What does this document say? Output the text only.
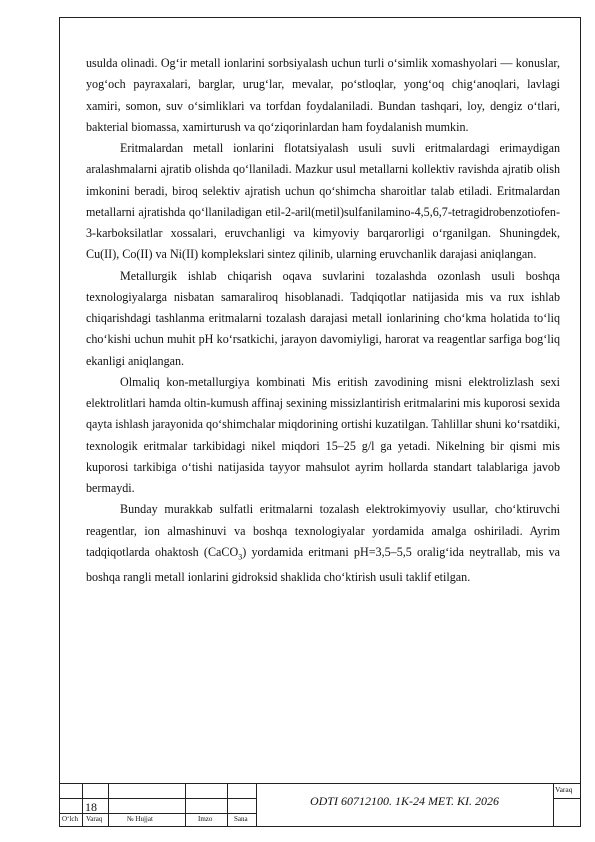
usulda olinadi. Og‘ir metall ionlarini sorbsiyalash uchun turli o‘simlik xomashyolari — konuslar, yog‘och payraxalari, barglar, urug‘lar, mevalar, po‘stloqlar, yong‘oq chig‘anoqlari, lavlagi xamiri, somon, suv o‘simliklari va torfdan foydalaniladi. Bundan tashqari, loy, dengiz o‘tlari, bakterial biomassa, xamirturush va qo‘ziqorinlardan ham foydalanish mumkin.

Eritmalardan metall ionlarini flotatsiyalash usuli suvli eritmalardagi erimaydigan aralashmalarni ajratib olishda qo‘llaniladi. Mazkur usul metallarni kollektiv ravishda ajratib olish imkonini beradi, biroq selektiv ajratish uchun qo‘shimcha sharoitlar talab etiladi. Eritmalardan metallarni ajratishda qo‘llaniladigan etil-2-aril(metil)sulfanilamino-4,5,6,7-tetragidrobenzotiofen-3-karboksilatlar xossalari, eruvchanligi va kimyoviy barqarorligi o‘rganilgan. Shuningdek, Cu(II), Co(II) va Ni(II) komplekslari sintez qilinib, ularning eruvchanlik darajasi aniqlangan.

Metallurgik ishlab chiqarish oqava suvlarini tozalashda ozonlash usuli boshqa texnologiyalarga nisbatan samaraliroq hisoblanadi. Tadqiqotlar natijasida mis va rux ishlab chiqarishdagi tashlanma eritmalarni tozalash darajasi metall ionlarining cho‘kma holatida to‘liq cho‘kishi uchun muhit pH ko‘rsatkichi, jarayon davomiyligi, harorat va reagentlar sarfiga bog‘liq ekanligi aniqlangan.

Olmaliq kon-metallurgiya kombinati Mis eritish zavodining misni elektrolizlash sexi elektrolitlari hamda oltin-kumush affinaj sexining missizlantirish eritmalarini mis kuporosi sexida qayta ishlash jarayonida qo‘shimchalar miqdorining ortishi kuzatilgan. Tahlillar shuni ko‘rsatdiki, texnologik eritmalar tarkibidagi nikel miqdori 15–25 g/l ga yetadi. Nikelning bir qismi mis kuporosi tarkibiga o‘tishi natijasida tayyor mahsulot ayrim hollarda standart talablariga javob bermaydi.

Bunday murakkab sulfatli eritmalarni tozalash elektrokimyoviy usullar, cho‘ktiruvchi reagentlar, ion almashinuvi va boshqa texnologiyalar yordamida amalga oshiriladi. Ayrim tadqiqotlarda ohaktosh (CaCO$_3$) yordamida eritmani pH=3,5–5,5 oralig‘ida neytrallab, mis va boshqa rangli metall ionlarini gidroksid shaklida cho‘ktirish usuli taklif etilgan.

18	ODTI 60712100. 1K-24 MET. KI. 2026
Varaq
O‘lch Varaq	№ Hujjat	Imzo	Sana
